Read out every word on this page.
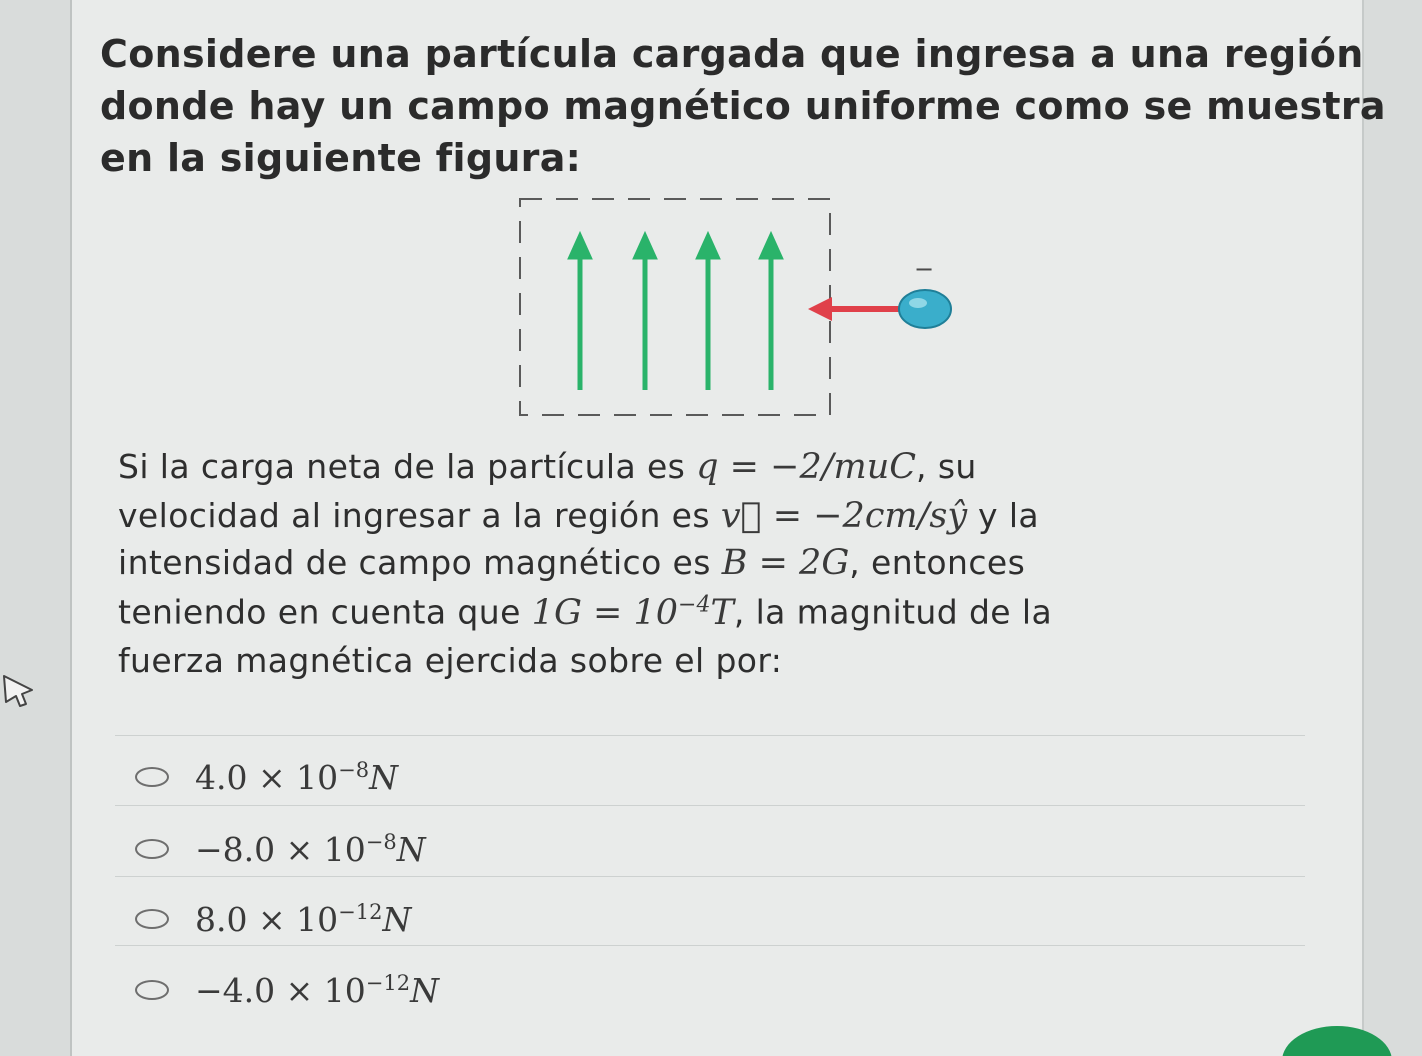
Considere una partícula cargada que ingresa a una región

donde hay un campo magnético uniforme como se muestra

en la siguiente figura:

−

Si la carga neta de la partícula es q = −2/muC, su

velocidad al ingresar a la región es v⃗ = −2cm/sŷ y la

intensidad de campo magnético es B = 2G, entonces

teniendo en cuenta que $1G = 10^{-4}T$, la magnitud de la

fuerza magnética ejercida sobre el por:

$4.0 \times 10^{-8}N$
$-8.0 \times 10^{-8}N$
$8.0 \times 10^{-12}N$
$-4.0 \times 10^{-12}N$
